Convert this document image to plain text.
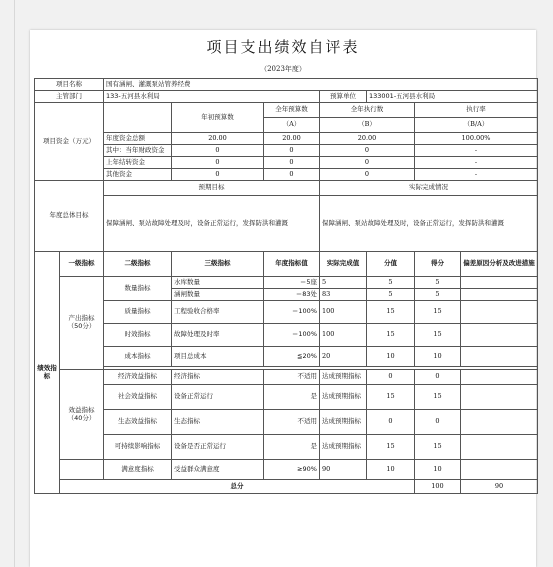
项目支出绩效自评表
（2023年度）
项目名称		国有涵闸、灌溉泵站管养经费							
主管部门		133-五河县水利局			预算单位	133001-五河县水利局			
项目资金（万元）			年初预算数	全年预算数	全年执行数		执行率		
				（A）	（B）		（B/A）		
		年度资金总额	20.00	20.00	20.00		100.00%		
		其中：当年财政资金	0	0	0		-		
		上年结转资金	0	0	0		-		
		其他资金	0	0	0		-		
年度总体目标		预期目标			实际完成情况				
		保障涵闸、泵站故障处理及时，设备正常运行，发挥防洪和灌溉			保障涵闸、泵站故障处理及时，设备正常运行，发挥防洪和灌溉				
绩效指标	一级指标	二级指标	三级指标	年度指标值	实际完成值	分值	得分	偏差原因分析及改进措施	
	产出指标（50分）	数量指标	水库数量	＝5座	5	5	5		
			涵闸数量	＝83处	83	5	5		
		质量指标	工程验收合格率	＝100%	100	15	15		
		时效指标	故障处理及时率	＝100%	100	15	15		
		成本指标	项目总成本	≦20%	20	10	10		

	效益指标（40分）	经济效益指标	经济指标	不适用	达成预期指标	0	0		
		社会效益指标	设备正常运行	是	达成预期指标	15	15		
		生态效益指标	生态指标	不适用	达成预期指标	0	0		
		可持续影响指标	设备是否正常运行	是	达成预期指标	15	15		
		满意度指标	受益群众满意度	≥90%	90	10	10		
	总分						100	90	
